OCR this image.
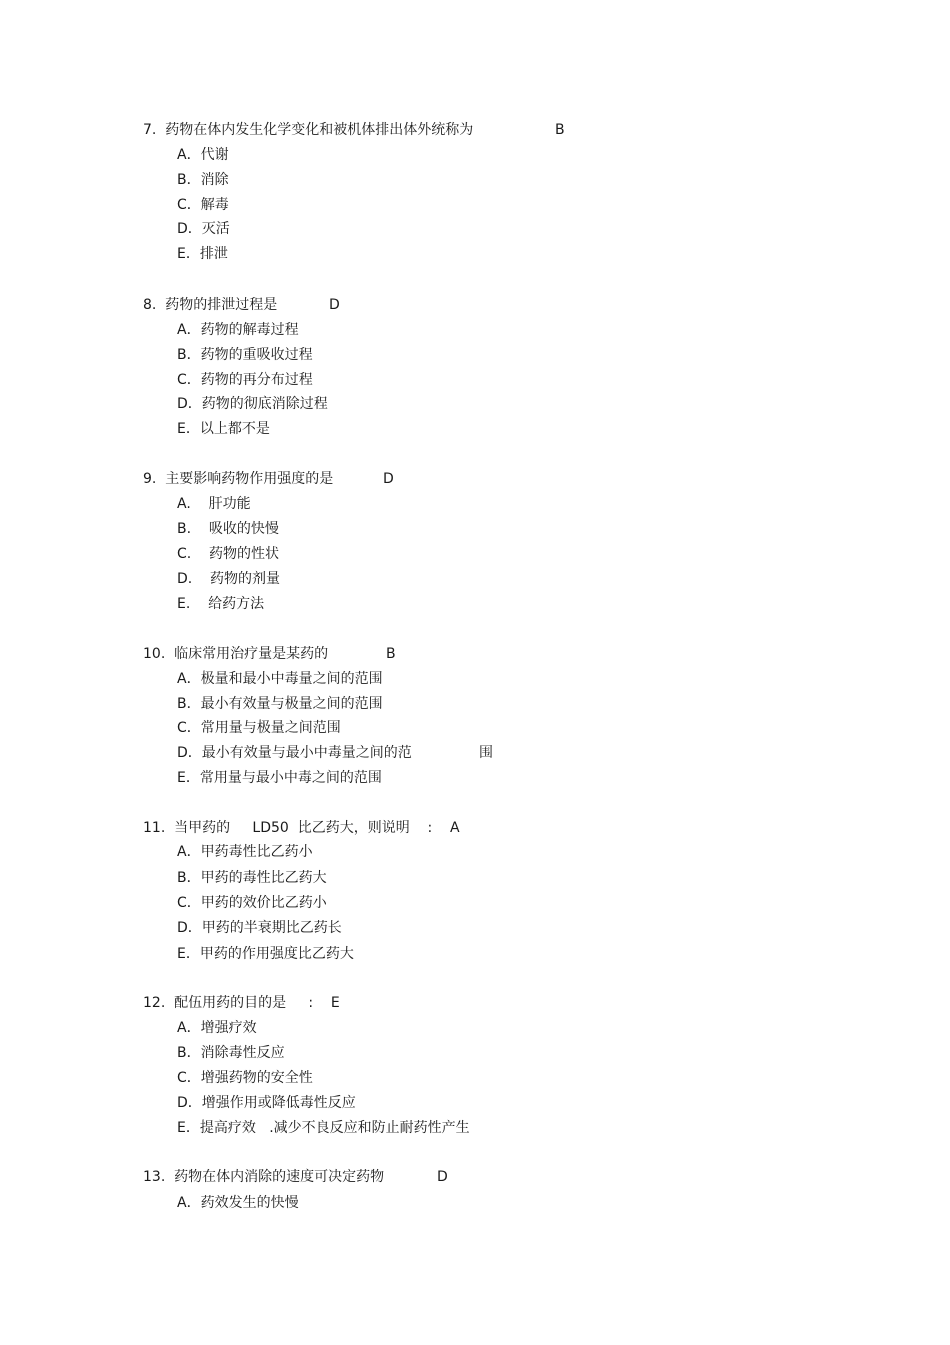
7.  药物在体内发生化学变化和被机体排出体外统称为	B
A．代谢
B．消除
C．解毒
D．灭活
E．排泄
8.  药物的排泄过程是	D
A．药物的解毒过程
B．药物的重吸收过程
C．药物的再分布过程
D．药物的彻底消除过程
E．以上都不是
9.  主要影响药物作用强度的是	D
A.    肝功能
B.    吸收的快慢
C.    药物的性状
D.    药物的剂量
E.    给药方法
10.  临床常用治疗量是某药的	B
A．极量和最小中毒量之间的范围
B．最小有效量与极量之间的范围
C．常用量与极量之间范围
D．最小有效量与最小中毒量之间的范	围
E．常用量与最小中毒之间的范围
11.  当甲药的     LD50  比乙药大，则说明    :    A
A．甲药毒性比乙药小
B．甲药的毒性比乙药大
C．甲药的效价比乙药小
D．甲药的半衰期比乙药长
E．甲药的作用强度比乙药大
12.  配伍用药的目的是     :    E
A．增强疗效
B．消除毒性反应
C．增强药物的安全性
D．增强作用或降低毒性反应
E．提高疗效   .减少不良反应和防止耐药性产生
13.  药物在体内消除的速度可决定药物	D
A．药效发生的快慢
